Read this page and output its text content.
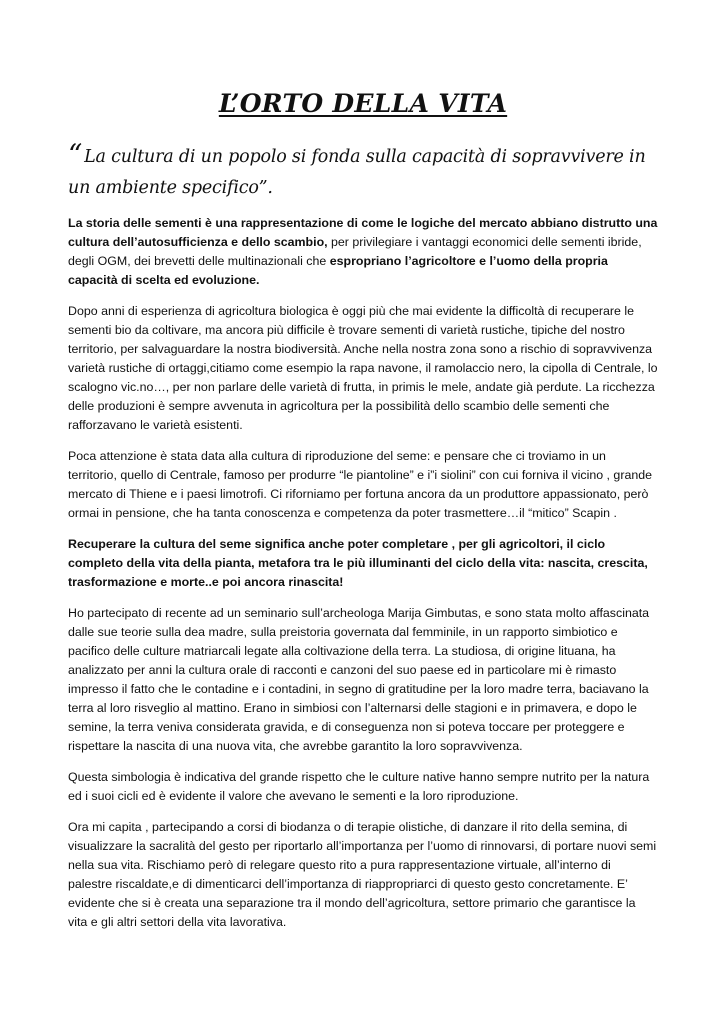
L’ORTO DELLA VITA

“ La cultura di un popolo si fonda sulla capacità di sopravvivere in un ambiente specifico”.

La storia delle sementi è una rappresentazione di come le logiche del mercato abbiano distrutto una cultura dell’autosufficienza e dello scambio, per privilegiare i vantaggi economici delle sementi ibride, degli OGM, dei brevetti delle multinazionali che espropriano l’agricoltore e l’uomo della propria capacità di scelta ed evoluzione.

Dopo anni di esperienza di agricoltura biologica è oggi più che mai evidente la difficoltà di recuperare le sementi bio da coltivare, ma ancora più difficile è trovare sementi di varietà rustiche, tipiche del nostro territorio, per salvaguardare la nostra biodiversità. Anche nella nostra zona sono a rischio di sopravvivenza varietà rustiche di ortaggi,citiamo come esempio la rapa navone, il ramolaccio nero, la cipolla di Centrale, lo scalogno vic.no…, per non parlare delle varietà di frutta, in primis le mele, andate già perdute. La ricchezza delle produzioni è sempre avvenuta in agricoltura per la possibilità dello scambio delle sementi che rafforzavano le varietà esistenti.

Poca attenzione è stata data alla cultura di riproduzione del seme: e pensare che ci troviamo in un territorio, quello di Centrale, famoso per produrre “le piantoline” e i”i siolini” con cui forniva il vicino , grande mercato di Thiene e i paesi limotrofi. Ci riforniamo per fortuna ancora da un produttore appassionato, però ormai in pensione, che ha tanta conoscenza e competenza da poter trasmettere…il “mitico” Scapin .

Recuperare la cultura del seme significa anche poter completare , per gli agricoltori, il ciclo completo della vita della pianta, metafora tra le più illuminanti del ciclo della vita: nascita, crescita, trasformazione e morte..e poi ancora rinascita!

Ho partecipato di recente ad un seminario sull’archeologa Marija Gimbutas, e sono stata molto affascinata dalle sue teorie sulla dea madre, sulla preistoria governata dal femminile, in un rapporto simbiotico e pacifico delle culture matriarcali legate alla coltivazione della terra. La studiosa, di origine lituana, ha analizzato per anni la cultura orale di racconti e canzoni del suo paese ed in particolare mi è rimasto impresso il fatto che le contadine e i contadini, in segno di gratitudine per la loro madre terra, baciavano la terra al loro risveglio al mattino. Erano in simbiosi con l’alternarsi delle stagioni e in primavera, e dopo le semine, la terra veniva considerata gravida, e di conseguenza non si poteva toccare per proteggere e rispettare la nascita di una nuova vita, che avrebbe garantito la loro sopravvivenza.

Questa simbologia è indicativa del grande rispetto che le culture native hanno sempre nutrito per la natura ed i suoi cicli ed è evidente il valore che avevano le sementi e la loro riproduzione.

Ora mi capita , partecipando a corsi di biodanza o di terapie olistiche, di danzare il rito della semina, di visualizzare la sacralità del gesto per riportarlo all’importanza per l’uomo di rinnovarsi, di portare nuovi semi nella sua vita. Rischiamo però di relegare questo rito a pura rappresentazione virtuale, all’interno di palestre riscaldate,e di dimenticarci dell’importanza di riappropriarci di questo gesto concretamente. E’ evidente che si è creata una separazione tra il mondo dell’agricoltura, settore primario che garantisce la vita e gli altri settori della vita lavorativa.
